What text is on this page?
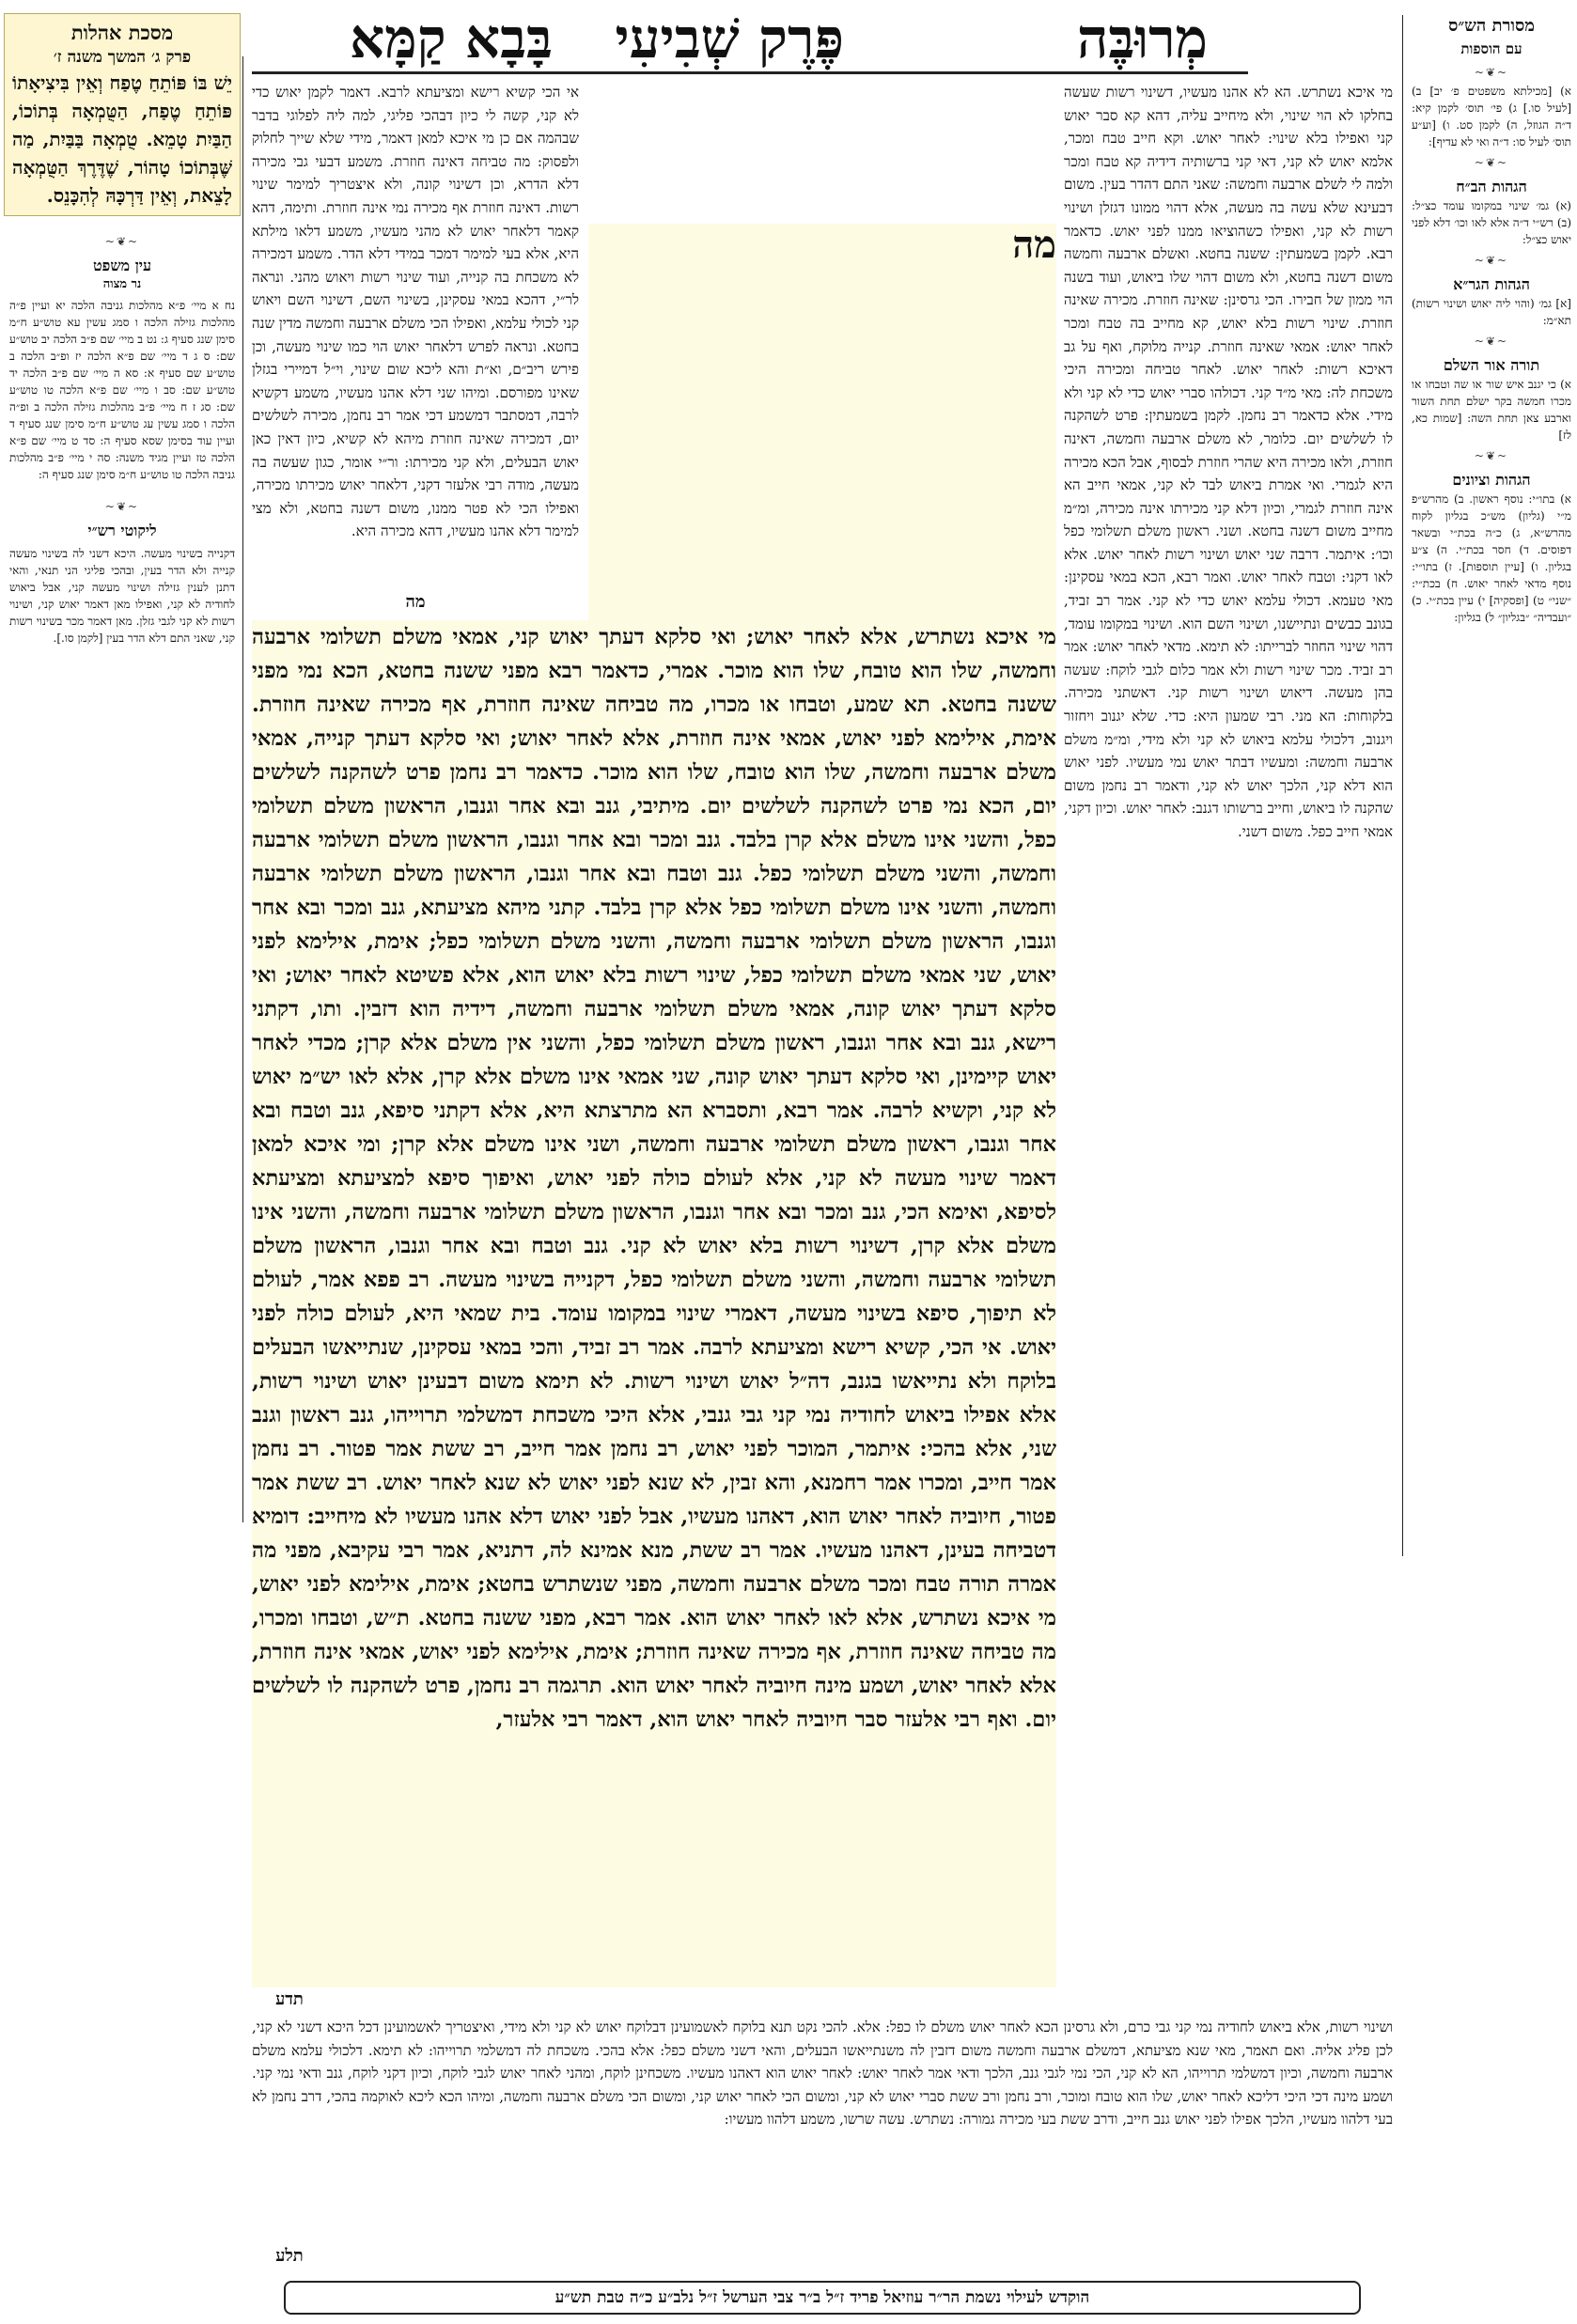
מְרוּבֶּה
פֶּרֶק שְׁבִיעִי
בָּבָא קַמָּא	מסורת הש״ס
עם הוספות
~❦~
א) [מכילתא משפטים פ׳ יב] ב) [לעיל סו.] ג) פי׳ תוס׳ לקמן קיא: ד״ה הגוזל, ה) לקמן סט. ו) [וע״ע תוס׳ לעיל סו: ד״ה ואי לא עדיף]:
~❦~
הגהות הב״ח
(א) גמ׳ שינוי במקומו עומד כצ״ל: (ב) רש״י ד״ה אלא לאו וכו׳ דלא לפני יאוש כצ״ל:
~❦~
הגהות הגר״א
[א] גמ׳ (והוי ליה יאוש ושינוי רשות) תא״מ:
~❦~
תורה אור השלם
א) כי יגנב איש שור או שה וטבחו או מכרו חמשה בקר ישלם תחת השור וארבע צאן תחת השה: [שמות כא, לז]
~❦~
הגהות וציונים
א) בתו״י: נוסף ראשון. ב) מהרש״פ מ״י (גליון) מש״כ בגליון לקוח מהרש״א, ג) כ״ה בכת״י ובשאר דפוסים. ד) חסר בכת״י. ה) צ״ע בגליון. ו) [עיין תוספות]. ז) בתו״י: נוסף מדאי לאחר יאוש. ח) בכת״י: ״שני״ ט) [ופסקיה] י) עיין בכת״י. כ) ״ועבדיה״ ״בגליון״ ל) בגליון:
מסכת אהלות
פרק ג׳ המשך משנה ז׳
יֵשׁ בּוֹ פּוֹתֵחַ טֶפַח וְאֵין בִּיצִיאָתוֹ פּוֹתֵחַ טֶפַח, הַטֻּמְאָה בְּתוֹכוֹ, הַבַּיִת טָמֵא. טֻמְאָה בַּבַּיִת, מַה שֶּׁבְּתוֹכוֹ טָהוֹר, שֶׁדֶּרֶךְ הַטֻּמְאָה לָצֵאת, וְאֵין דַּרְכָּהּ לְהִכָּנֵס.
~❦~
עין משפט
נר מצוה
נח א מיי׳ פ״א מהלכות גניבה הלכה יא ועיין פ״ה מהלכות גזילה הלכה ו סמג עשין עא טוש״ע ח״מ סימן שנג סעיף ג: נט ב מיי׳ שם פ״ב הלכה יב טוש״ע שם: ס ג ד מיי׳ שם פ״א הלכה יז ופ״ב הלכה ב טוש״ע שם סעיף א: סא ה מיי׳ שם פ״ב הלכה יד טוש״ע שם: סב ו מיי׳ שם פ״א הלכה טו טוש״ע שם: סג ז ח מיי׳ פ״ב מהלכות גזילה הלכה ב ופ״ה הלכה ו סמג עשין עג טוש״ע ח״מ סימן שנג סעיף ד ועיין עוד בסימן שסא סעיף ה: סד ט מיי׳ שם פ״א הלכה טז ועיין מגיד משנה: סה י מיי׳ פ״ב מהלכות גניבה הלכה טו טוש״ע ח״מ סימן שנג סעיף ה:
~❦~
ליקוטי רש״י
דקנייה בשינוי מעשה. היכא דשני לה בשינוי מעשה קנייה ולא הדר בעין, ובהכי פליגי הני תנאי, והאי דתנן לענין גזילה ושינוי מעשה קני, אבל ביאוש לחודיה לא קני, ואפילו מאן דאמר יאוש קני, ושינוי רשות לא קני לגבי גזלן. מאן דאמר מכר בשינוי רשות קני, שאני התם דלא הדר בעין [לקמן סו.].
מי איכא נשתרש. הא לא אהנו מעשיו, דשינוי רשות שעשה בחלקו לא הוי שינוי, ולא מיחייב עליה, דהא קא סבר יאוש קני ואפילו בלא שינוי: לאחר יאוש. וקא חייב טבח ומכר, אלמא יאוש לא קני, דאי קני ברשותיה דידיה קא טבח ומכר ולמה לי לשלם ארבעה וחמשה: שאני התם דהדר בעין. משום דבעינא שלא עשה בה מעשה, אלא דהוי ממונו דגזלן ושינוי רשות לא קני, ואפילו כשהוציאו ממנו לפני יאוש. כדאמר רבא. לקמן בשמעתין: ששנה בחטא. ואשלם ארבעה וחמשה משום דשנה בחטא, ולא משום דהוי שלו ביאוש, ועוד בשנה הוי ממון של חבירו. הכי גרסינן: שאינה חוזרת. מכירה שאינה חוזרת. שינוי רשות בלא יאוש, קא מחייב בה טבח ומכר לאחר יאוש: אמאי שאינה חוזרת. קנייה מלוקח, ואף על גב דאיכא רשות: לאחר יאוש. לאחר טביחה ומכירה היכי משכחת לה: מאי מ״ד קני. דכולהו סברי יאוש כדי לא קני ולא מידי. אלא כדאמר רב נחמן. לקמן בשמעתין: פרט לשהקנה לו לשלשים יום. כלומר, לא משלם ארבעה וחמשה, דאינה חוזרת, ולאו מכירה היא שהרי חוזרת לבסוף, אבל הכא מכירה היא לגמרי. ואי אמרת ביאוש לבד לא קני, אמאי חייב הא אינה חוזרת לגמרי, וכיון דלא קני מכירתו אינה מכירה, ומ״מ מחייב משום דשנה בחטא. ושני. ראשון משלם תשלומי כפל וכו׳: איתמר. דרבה שני יאוש ושינוי רשות לאחר יאוש. אלא לאו דקני: וטבח לאחר יאוש. ואמר רבא, הכא במאי עסקינן: מאי טעמא. דכולי עלמא יאוש כדי לא קני. אמר רב זביד, בגונב כבשים ונתיישנו, ושינוי השם הוא. ושינוי במקומו עומד, דהוי שינוי החוזר לברייתו: לא תימא. מדאי לאחר יאוש: אמר רב זביד. מכר שינוי רשות ולא אמר כלום לגבי לוקח: שעשה בהן מעשה. דיאוש ושינוי רשות קני. דאשתני מכירה. בלקוחות: הא מני. רבי שמעון היא: כדי. שלא יגנוב ויחזור ויגנוב, דלכולי עלמא ביאוש לא קני ולא מידי, ומ״מ משלם ארבעה וחמשה: ומעשיו דבתר יאוש נמי מעשיו. לפני יאוש הוא דלא קני, הלכך יאוש לא קני, ודאמר רב נחמן משום שהקנה לו ביאוש, וחייב ברשותו דגנב: לאחר יאוש. וכיון דקני, אמאי חייב כפל. משום דשני.
אי הכי קשיא רישא ומציעתא לרבא. דאמר לקמן יאוש כדי לא קני, קשה לי כיון דבהכי פליגי, למה ליה לפלוגי בדבר שבהמה אם כן מי איכא למאן דאמר, מידי שלא שייך לחלוק ולפסוק: מה טביחה דאינה חוזרת. משמע דבעי גבי מכירה דלא הדרא, וכן דשינוי קונה, ולא איצטריך למימר שינוי רשות. דאינה חוזרת אף מכירה נמי אינה חוזרת. ותימה, דהא קאמר דלאחר יאוש לא מהני מעשיו, משמע דלאו מילתא היא, אלא בעי למימר דמכר במידי דלא הדר. משמע דמכירה לא משכחת בה קנייה, ועוד שינוי רשות ויאוש מהני. ונראה לר״י, דהכא במאי עסקינן, בשינוי השם, דשינוי השם ויאוש קני לכולי עלמא, ואפילו הכי משלם ארבעה וחמשה מדין שנה בחטא. ונראה לפרש דלאחר יאוש הוי כמו שינוי מעשה, וכן פירש ריב״ם, וא״ת והא ליכא שום שינוי, וי״ל דמיירי בגזלן שאינו מפורסם. ומיהו שני דלא אהנו מעשיו, משמע דקשיא לרבה, דמסתבר דמשמע דכי אמר רב נחמן, מכירה לשלשים יום, דמכירה שאינה חוזרת מיהא לא קשיא, כיון דאין כאן יאוש הבעלים, ולא קני מכירתו: ור״י אומר, כגון שעשה בה מעשה, מודה רבי אלעזר דקני, דלאחר יאוש מכירתו מכירה, ואפילו הכי לא פטר ממנו, משום דשנה בחטא, ולא מצי למימר דלא אהנו מעשיו, דהא מכירה היא.
מה
מי איכא נשתרש, אלא לאחר יאוש; ואי סלקא דעתך יאוש קני, אמאי משלם תשלומי ארבעה וחמשה, שלו הוא טובח, שלו הוא מוכר. אמרי, כדאמר רבא מפני ששנה בחטא, הכא נמי מפני ששנה בחטא. תא שמע, וטבחו או מכרו, מה טביחה שאינה חוזרת, אף מכירה שאינה חוזרת. אימת, אילימא לפני יאוש, אמאי אינה חוזרת, אלא לאחר יאוש; ואי סלקא דעתך קנייה, אמאי משלם ארבעה וחמשה, שלו הוא טובח, שלו הוא מוכר. כדאמר רב נחמן פרט לשהקנה לשלשים יום, הכא נמי פרט לשהקנה לשלשים יום. מיתיבי, גנב ובא אחר וגנבו, הראשון משלם תשלומי כפל, והשני אינו משלם אלא קרן בלבד. גנב ומכר ובא אחר וגנבו, הראשון משלם תשלומי ארבעה וחמשה, והשני משלם תשלומי כפל. גנב וטבח ובא אחר וגנבו, הראשון משלם תשלומי ארבעה וחמשה, והשני אינו משלם תשלומי כפל אלא קרן בלבד. קתני מיהא מציעתא, גנב ומכר ובא אחר וגנבו, הראשון משלם תשלומי ארבעה וחמשה, והשני משלם תשלומי כפל; אימת, אילימא לפני יאוש, שני אמאי משלם תשלומי כפל, שינוי רשות בלא יאוש הוא, אלא פשיטא לאחר יאוש; ואי סלקא דעתך יאוש קונה, אמאי משלם תשלומי ארבעה וחמשה, דידיה הוא דזבין. ותו, דקתני רישא, גנב ובא אחר וגנבו, ראשון משלם תשלומי כפל, והשני אין משלם אלא קרן; מכדי לאחר יאוש קיימינן, ואי סלקא דעתך יאוש קונה, שני אמאי אינו משלם אלא קרן, אלא לאו יש״מ יאוש לא קני, וקשיא לרבה. אמר רבא, ותסברא הא מתרצתא היא, אלא דקתני סיפא, גנב וטבח ובא אחר וגנבו, ראשון משלם תשלומי ארבעה וחמשה, ושני אינו משלם אלא קרן; ומי איכא למאן דאמר שינוי מעשה לא קני, אלא לעולם כולה לפני יאוש, ואיפוך סיפא למציעתא ומציעתא לסיפא, ואימא הכי, גנב ומכר ובא אחר וגנבו, הראשון משלם תשלומי ארבעה וחמשה, והשני אינו משלם אלא קרן, דשינוי רשות בלא יאוש לא קני. גנב וטבח ובא אחר וגנבו, הראשון משלם תשלומי ארבעה וחמשה, והשני משלם תשלומי כפל, דקנייה בשינוי מעשה. רב פפא אמר, לעולם לא תיפוך, סיפא בשינוי מעשה, דאמרי שינוי במקומו עומד. בית שמאי היא, לעולם כולה לפני יאוש. אי הכי, קשיא רישא ומציעתא לרבה. אמר רב זביד, והכי במאי עסקינן, שנתייאשו הבעלים בלוקח ולא נתייאשו בגנב, דה״ל יאוש ושינוי רשות. לא תימא משום דבעינן יאוש ושינוי רשות, אלא אפילו ביאוש לחודיה נמי קני גבי גנבי, אלא היכי משכחת דמשלמי תרוייהו, גנב ראשון וגנב שני, אלא בהכי: איתמר, המוכר לפני יאוש, רב נחמן אמר חייב, רב ששת אמר פטור. רב נחמן אמר חייב, ומכרו אמר רחמנא, והא זבין, לא שנא לפני יאוש לא שנא לאחר יאוש. רב ששת אמר פטור, חיוביה לאחר יאוש הוא, דאהנו מעשיו, אבל לפני יאוש דלא אהנו מעשיו לא מיחייב: דומיא דטביחה בעינן, דאהנו מעשיו. אמר רב ששת, מנא אמינא לה, דתניא, אמר רבי עקיבא, מפני מה אמרה תורה טבח ומכר משלם ארבעה וחמשה, מפני שנשתרש בחטא; אימת, אילימא לפני יאוש, מי איכא נשתרש, אלא לאו לאחר יאוש הוא. אמר רבא, מפני ששנה בחטא. ת״ש, וטבחו ומכרו, מה טביחה שאינה חוזרת, אף מכירה שאינה חוזרת; אימת, אילימא לפני יאוש, אמאי אינה חוזרת, אלא לאחר יאוש, ושמע מינה חיוביה לאחר יאוש הוא. תרגמה רב נחמן, פרט לשהקנה לו לשלשים יום. ואף רבי אלעזר סבר חיוביה לאחר יאוש הוא, דאמר רבי אלעזר,
מה
תדע
ושינוי רשות, אלא ביאוש לחודיה נמי קני גבי כרם, ולא גרסינן הכא לאחר יאוש משלם לו כפל: אלא. להכי נקט תנא בלוקח לאשמועינן דבלוקח יאוש לא קני ולא מידי, ואיצטריך לאשמועינן דכל היכא דשני לא קני, לכן פליג אליה. ואם תאמר, מאי שנא מציעתא, דמשלם ארבעה וחמשה משום דזבין לה משנתייאשו הבעלים, והאי דשני משלם כפל: אלא בהכי. משכחת לה דמשלמי תרוייהו: לא תימא. דלכולי עלמא משלם ארבעה וחמשה, וכיון דמשלמי תרוייהו, הא לא קני, הכי נמי לגבי גנב, הלכך ודאי אמר לאחר יאוש: לאחר יאוש הוא דאהנו מעשיו. משכחינן לוקח, ומהני לאחר יאוש לגבי לוקח, וכיון דקני לוקח, גנב ודאי נמי קני. ושמע מינה דכי היכי דליכא לאחר יאוש, שלו הוא טובח ומוכר, ורב נחמן ורב ששת סברי יאוש לא קני, ומשום הכי לאחר יאוש קני, ומשום הכי משלם ארבעה וחמשה, ומיהו הכא ליכא לאוקמה בהכי, דרב נחמן לא בעי דלהוו מעשיו, הלכך אפילו לפני יאוש גנב חייב, ודרב ששת בעי מכירה גמורה: נשתרש. עשה שרשו, משמע דלהוו מעשיו:
תלע
הוקדש לעילוי נשמת הר״ר עוזיאל פריד ז״ל ב״ר צבי הערשל ז״ל נלב״ע כ״ה טבת תש״ע
